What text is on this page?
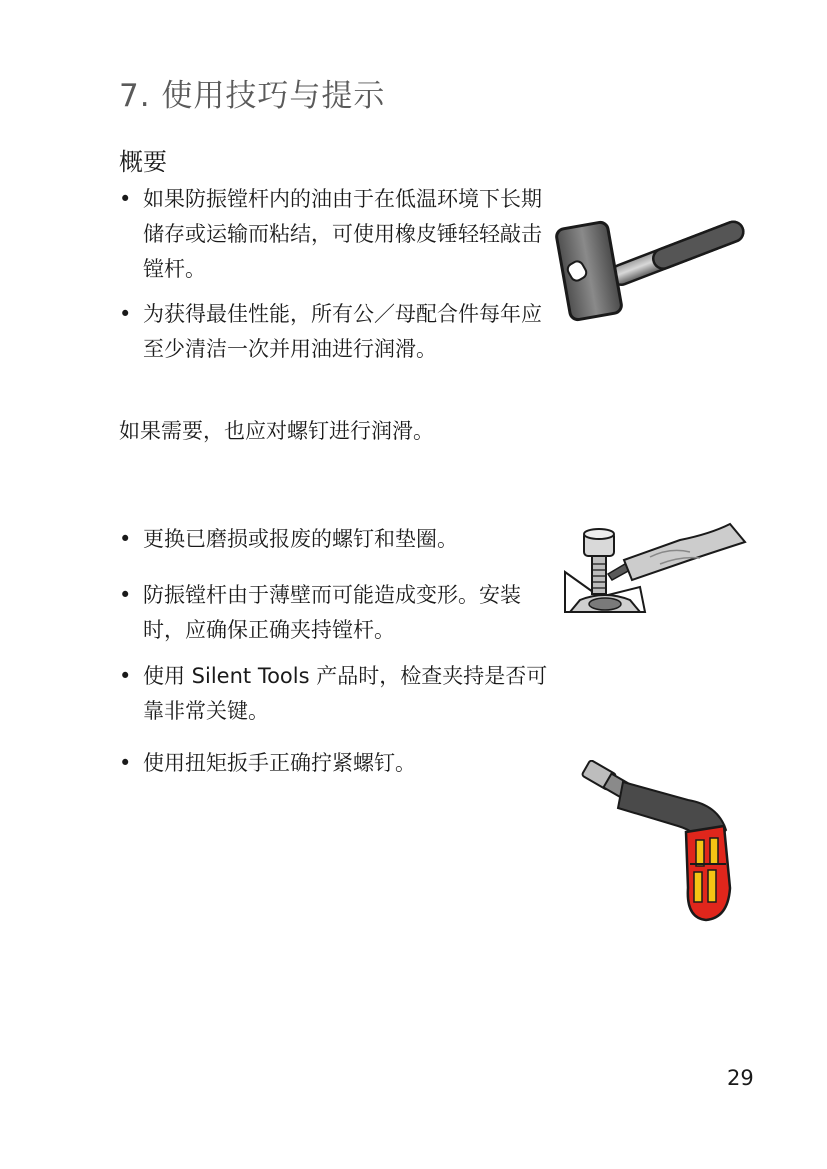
7. 使用技巧与提示
概要
• 如果防振镗杆内的油由于在低温环境下长期储存或运输而粘结，可使用橡皮锤轻轻敲击镗杆。
• 为获得最佳性能，所有公／母配合件每年应至少清洁一次并用油进行润滑。
如果需要，也应对螺钉进行润滑。
• 更换已磨损或报废的螺钉和垫圈。
• 防振镗杆由于薄壁而可能造成变形。安装时，应确保正确夹持镗杆。
• 使用 Silent Tools 产品时，检查夹持是否可靠非常关键。
• 使用扭矩扳手正确拧紧螺钉。
29
